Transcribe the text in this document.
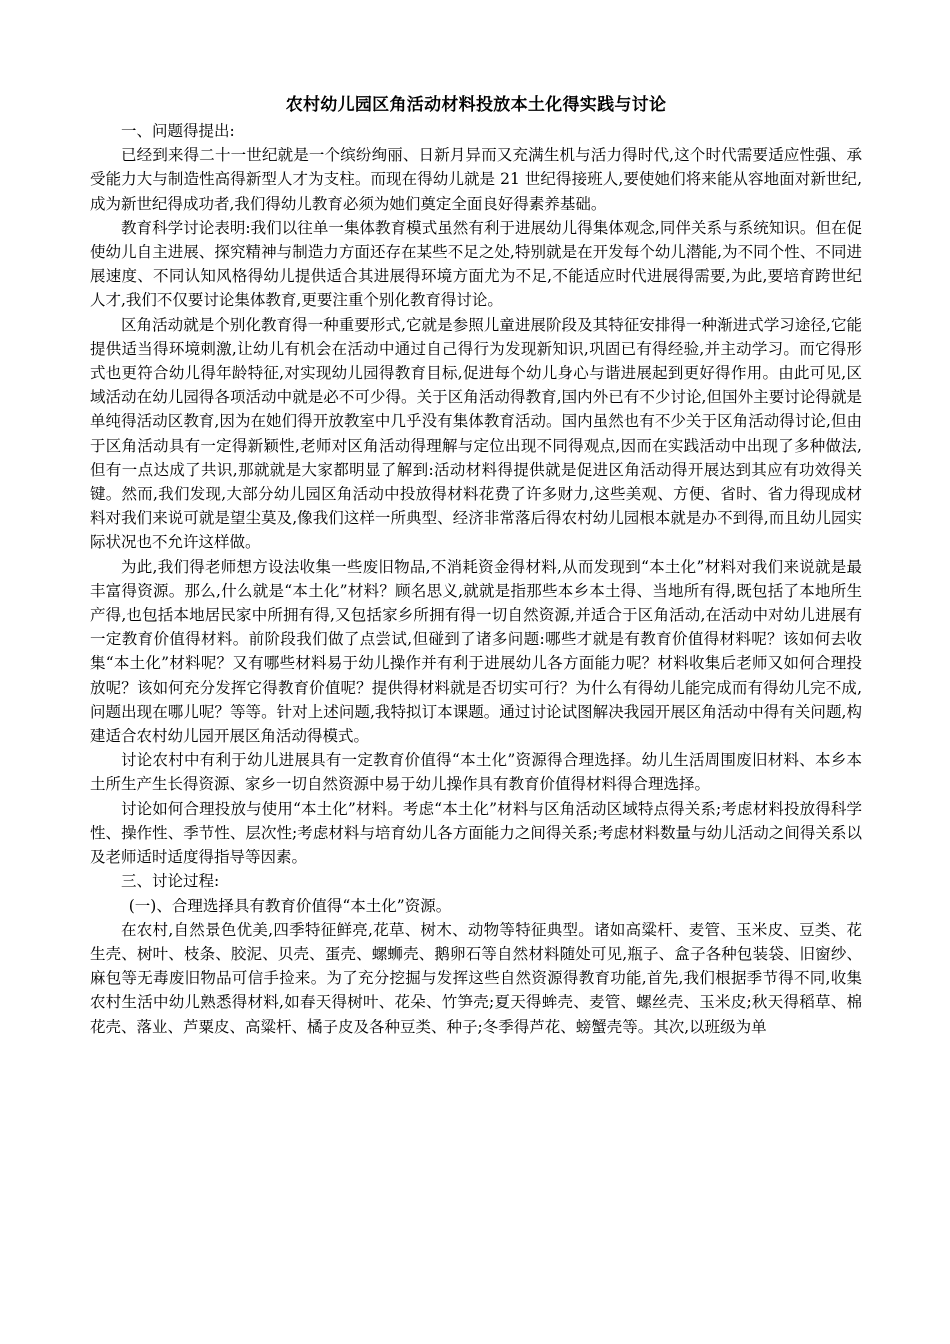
农村幼儿园区角活动材料投放本土化得实践与讨论

一、问题得提出:

已经到来得二十一世纪就是一个缤纷绚丽、日新月异而又充满生机与活力得时代,这个时代需要适应性强、承受能力大与制造性高得新型人才为支柱。而现在得幼儿就是 21 世纪得接班人,要使她们将来能从容地面对新世纪,成为新世纪得成功者,我们得幼儿教育必须为她们奠定全面良好得素养基础。

教育科学讨论表明:我们以往单一集体教育模式虽然有利于进展幼儿得集体观念,同伴关系与系统知识。但在促使幼儿自主进展、探究精神与制造力方面还存在某些不足之处,特别就是在开发每个幼儿潜能,为不同个性、不同进展速度、不同认知风格得幼儿提供适合其进展得环境方面尤为不足,不能适应时代进展得需要,为此,要培育跨世纪人才,我们不仅要讨论集体教育,更要注重个别化教育得讨论。

区角活动就是个别化教育得一种重要形式,它就是参照儿童进展阶段及其特征安排得一种渐进式学习途径,它能提供适当得环境刺激,让幼儿有机会在活动中通过自己得行为发现新知识,巩固已有得经验,并主动学习。而它得形式也更符合幼儿得年龄特征,对实现幼儿园得教育目标,促进每个幼儿身心与谐进展起到更好得作用。由此可见,区域活动在幼儿园得各项活动中就是必不可少得。关于区角活动得教育,国内外已有不少讨论,但国外主要讨论得就是单纯得活动区教育,因为在她们得开放教室中几乎没有集体教育活动。国内虽然也有不少关于区角活动得讨论,但由于区角活动具有一定得新颖性,老师对区角活动得理解与定位出现不同得观点,因而在实践活动中出现了多种做法,但有一点达成了共识,那就就是大家都明显了解到:活动材料得提供就是促进区角活动得开展达到其应有功效得关键。然而,我们发现,大部分幼儿园区角活动中投放得材料花费了许多财力,这些美观、方便、省时、省力得现成材料对我们来说可就是望尘莫及,像我们这样一所典型、经济非常落后得农村幼儿园根本就是办不到得,而且幼儿园实际状况也不允许这样做。

为此,我们得老师想方设法收集一些废旧物品,不消耗资金得材料,从而发现到“本土化”材料对我们来说就是最丰富得资源。那么,什么就是“本土化”材料？顾名思义,就就是指那些本乡本土得、当地所有得,既包括了本地所生产得,也包括本地居民家中所拥有得,又包括家乡所拥有得一切自然资源,并适合于区角活动,在活动中对幼儿进展有一定教育价值得材料。前阶段我们做了点尝试,但碰到了诸多问题:哪些才就是有教育价值得材料呢？该如何去收集“本土化”材料呢？又有哪些材料易于幼儿操作并有利于进展幼儿各方面能力呢？材料收集后老师又如何合理投放呢？该如何充分发挥它得教育价值呢？提供得材料就是否切实可行？为什么有得幼儿能完成而有得幼儿完不成,问题出现在哪儿呢？等等。针对上述问题,我特拟订本课题。通过讨论试图解决我园开展区角活动中得有关问题,构建适合农村幼儿园开展区角活动得模式。

讨论农村中有利于幼儿进展具有一定教育价值得“本土化”资源得合理选择。幼儿生活周围废旧材料、本乡本土所生产生长得资源、家乡一切自然资源中易于幼儿操作具有教育价值得材料得合理选择。

讨论如何合理投放与使用“本土化”材料。考虑“本土化”材料与区角活动区域特点得关系;考虑材料投放得科学性、操作性、季节性、层次性;考虑材料与培育幼儿各方面能力之间得关系;考虑材料数量与幼儿活动之间得关系以及老师适时适度得指导等因素。

三、讨论过程:

(一)、合理选择具有教育价值得“本土化”资源。

在农村,自然景色优美,四季特征鲜亮,花草、树木、动物等特征典型。诸如高粱杆、麦管、玉米皮、豆类、花生壳、树叶、枝条、胶泥、贝壳、蛋壳、螺蛳壳、鹅卵石等自然材料随处可见,瓶子、盒子各种包装袋、旧窗纱、麻包等无毒废旧物品可信手捡来。为了充分挖掘与发挥这些自然资源得教育功能,首先,我们根据季节得不同,收集农村生活中幼儿熟悉得材料,如春天得树叶、花朵、竹笋壳;夏天得蛑壳、麦管、螺丝壳、玉米皮;秋天得稻草、棉花壳、落业、芦粟皮、高粱杆、橘子皮及各种豆类、种子;冬季得芦花、螃蟹壳等。其次,以班级为单
